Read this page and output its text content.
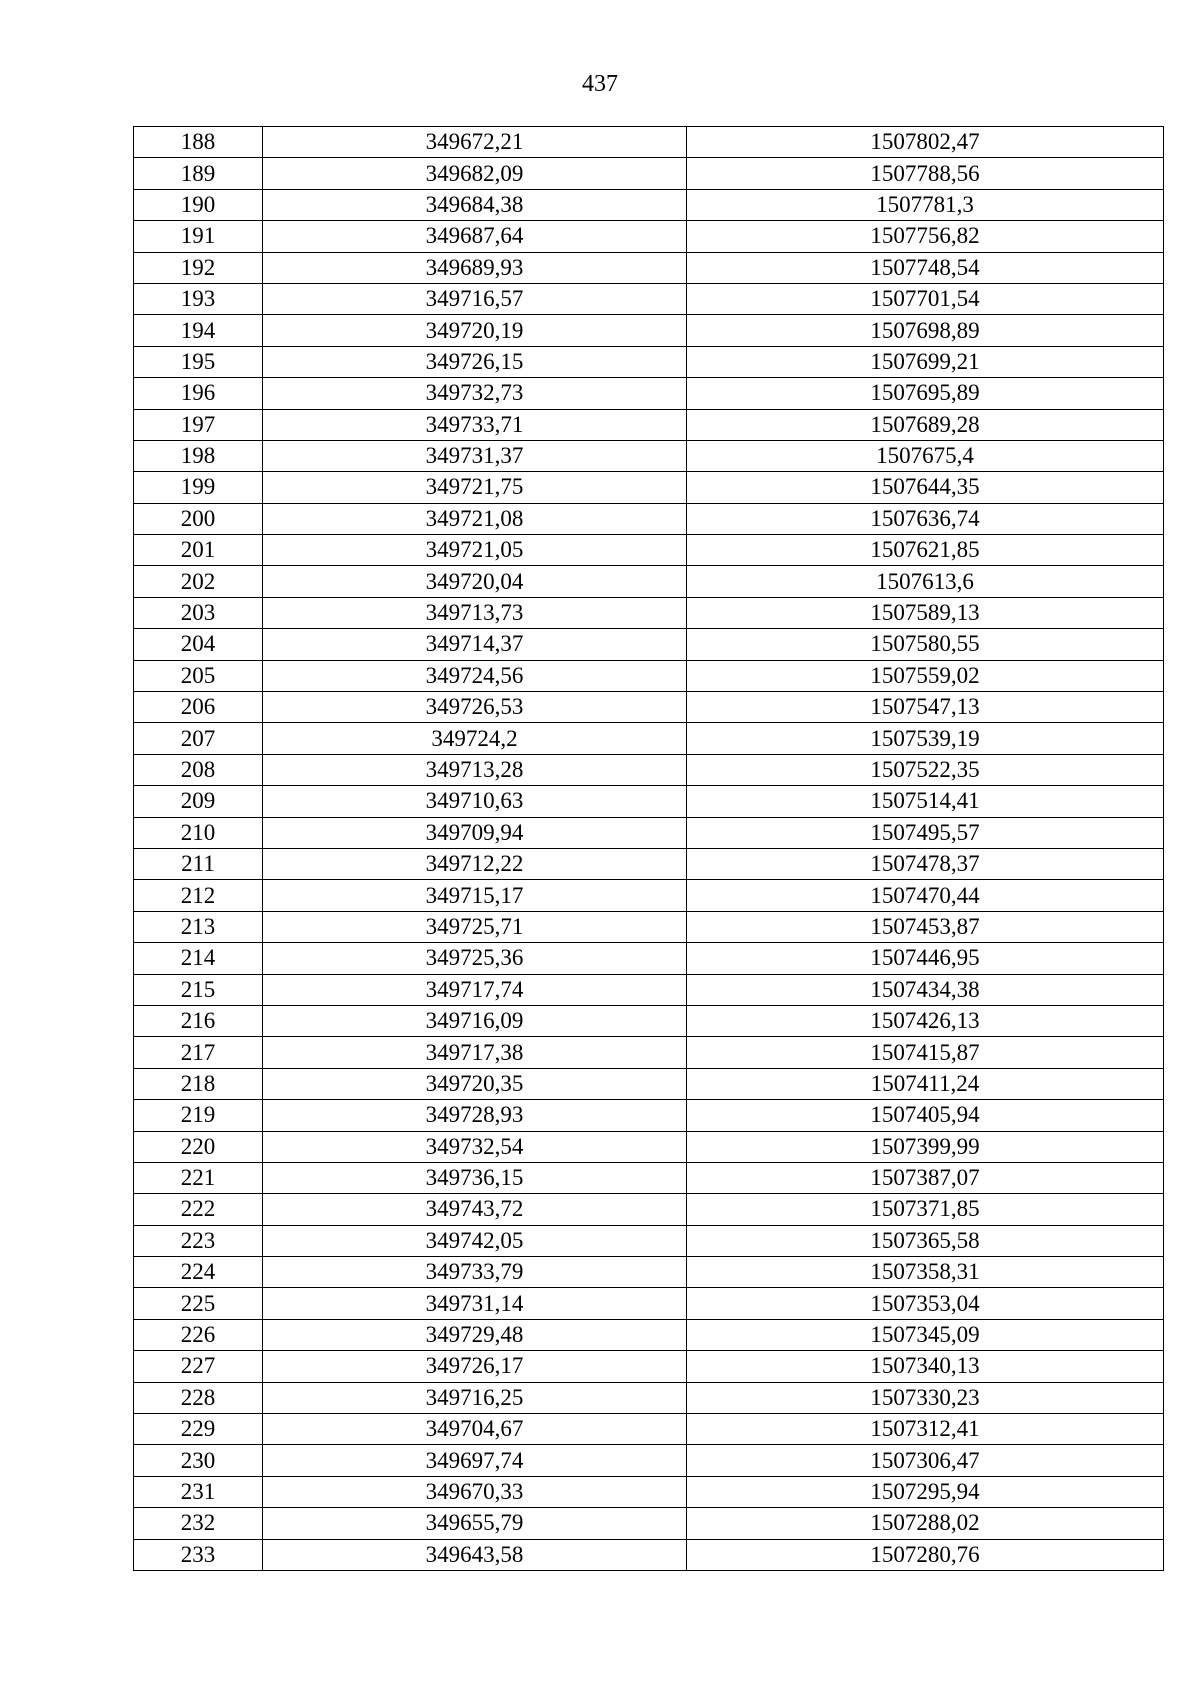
437
188	349672,21	1507802,47
189	349682,09	1507788,56
190	349684,38	1507781,3
191	349687,64	1507756,82
192	349689,93	1507748,54
193	349716,57	1507701,54
194	349720,19	1507698,89
195	349726,15	1507699,21
196	349732,73	1507695,89
197	349733,71	1507689,28
198	349731,37	1507675,4
199	349721,75	1507644,35
200	349721,08	1507636,74
201	349721,05	1507621,85
202	349720,04	1507613,6
203	349713,73	1507589,13
204	349714,37	1507580,55
205	349724,56	1507559,02
206	349726,53	1507547,13
207	349724,2	1507539,19
208	349713,28	1507522,35
209	349710,63	1507514,41
210	349709,94	1507495,57
211	349712,22	1507478,37
212	349715,17	1507470,44
213	349725,71	1507453,87
214	349725,36	1507446,95
215	349717,74	1507434,38
216	349716,09	1507426,13
217	349717,38	1507415,87
218	349720,35	1507411,24
219	349728,93	1507405,94
220	349732,54	1507399,99
221	349736,15	1507387,07
222	349743,72	1507371,85
223	349742,05	1507365,58
224	349733,79	1507358,31
225	349731,14	1507353,04
226	349729,48	1507345,09
227	349726,17	1507340,13
228	349716,25	1507330,23
229	349704,67	1507312,41
230	349697,74	1507306,47
231	349670,33	1507295,94
232	349655,79	1507288,02
233	349643,58	1507280,76
